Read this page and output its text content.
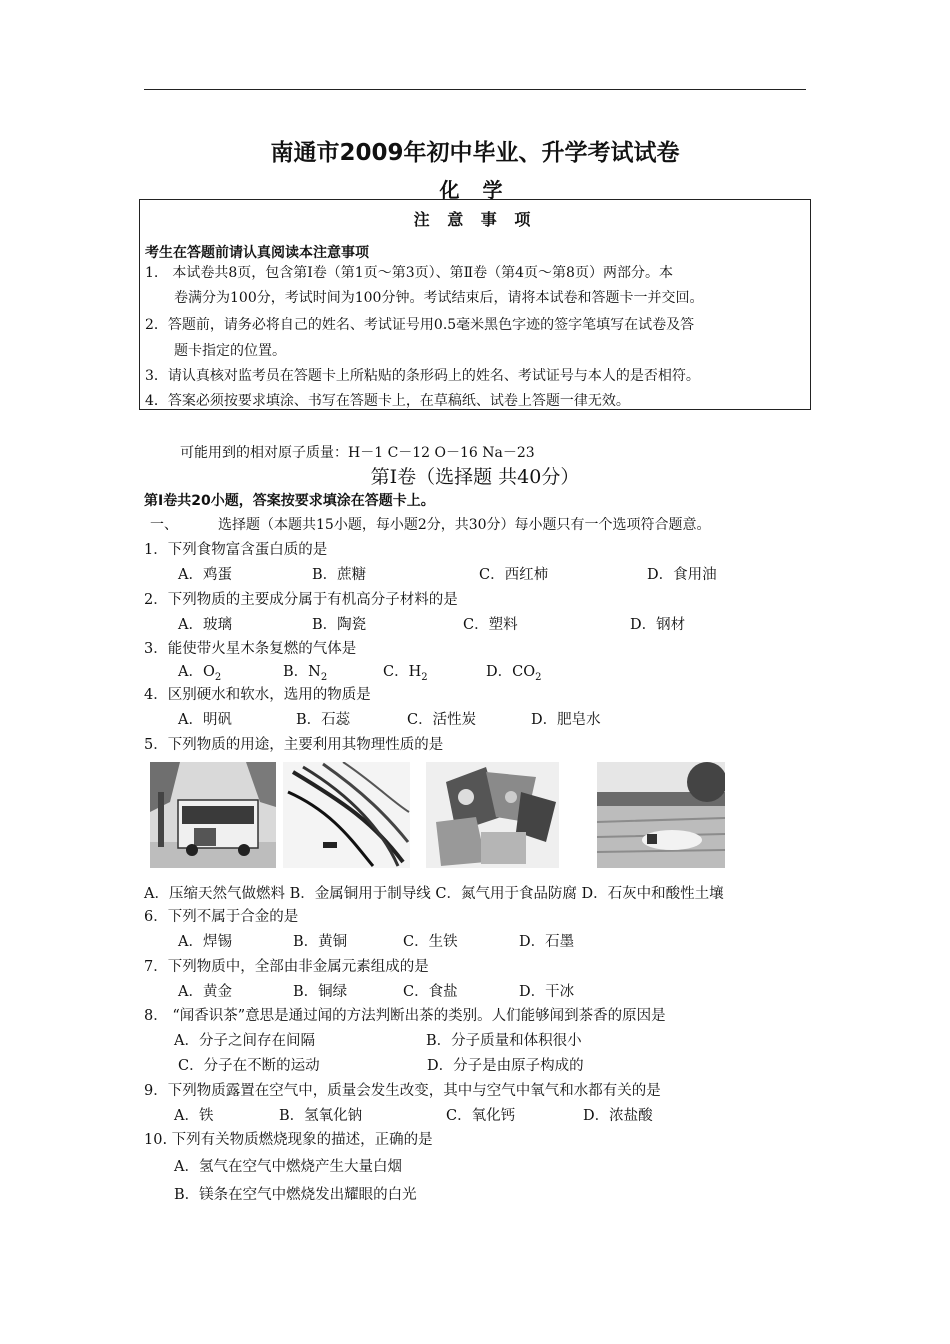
南通市2009年初中毕业、升学考试试卷
化 学
注 意 事 项
考生在答题前请认真阅读本注意事项
1.　本试卷共8页，包含第Ⅰ卷（第1页～第3页）、第Ⅱ卷（第4页～第8页）两部分。本
卷满分为100分，考试时间为100分钟。考试结束后，请将本试卷和答题卡一并交回。
2．答题前，请务必将自己的姓名、考试证号用0.5毫米黑色字迹的签字笔填写在试卷及答
题卡指定的位置。
3．请认真核对监考员在答题卡上所粘贴的条形码上的姓名、考试证号与本人的是否相符。
4．答案必须按要求填涂、书写在答题卡上，在草稿纸、试卷上答题一律无效。
可能用到的相对原子质量：H－1 C－12 O－16 Na－23
第Ⅰ卷（选择题 共40分）
第Ⅰ卷共20小题，答案按要求填涂在答题卡上。
一、	选择题（本题共15小题，每小题2分，共30分）每小题只有一个选项符合题意。
1．下列食物富含蛋白质的是
A．鸡蛋	B．蔗糖	C．西红柿	D．食用油
2．下列物质的主要成分属于有机高分子材料的是
A．玻璃	B．陶瓷	C．塑料	D．钢材
3．能使带火星木条复燃的气体是
A．$O_2$	B．$N_2$	C．$H_2$	D．$CO_2$
4．区别硬水和软水，选用的物质是
A．明矾	B．石蕊	C．活性炭	D．肥皂水
5．下列物质的用途，主要利用其物理性质的是
A．压缩天然气做燃料 B．金属铜用于制导线 C．氮气用于食品防腐 D．石灰中和酸性土壤
6．下列不属于合金的是
A．焊锡	B．黄铜	C．生铁	D．石墨
7．下列物质中，全部由非金属元素组成的是
A．黄金	B．铜绿	C．食盐	D．干冰
8． “闻香识茶”意思是通过闻的方法判断出茶的类别。人们能够闻到茶香的原因是
A．分子之间存在间隔	B．分子质量和体积很小
C．分子在不断的运动	D．分子是由原子构成的
9．下列物质露置在空气中，质量会发生改变，其中与空气中氧气和水都有关的是
A．铁	B．氢氧化钠	C．氧化钙	D．浓盐酸
10. 下列有关物质燃烧现象的描述，正确的是
A．氢气在空气中燃烧产生大量白烟
B．镁条在空气中燃烧发出耀眼的白光
